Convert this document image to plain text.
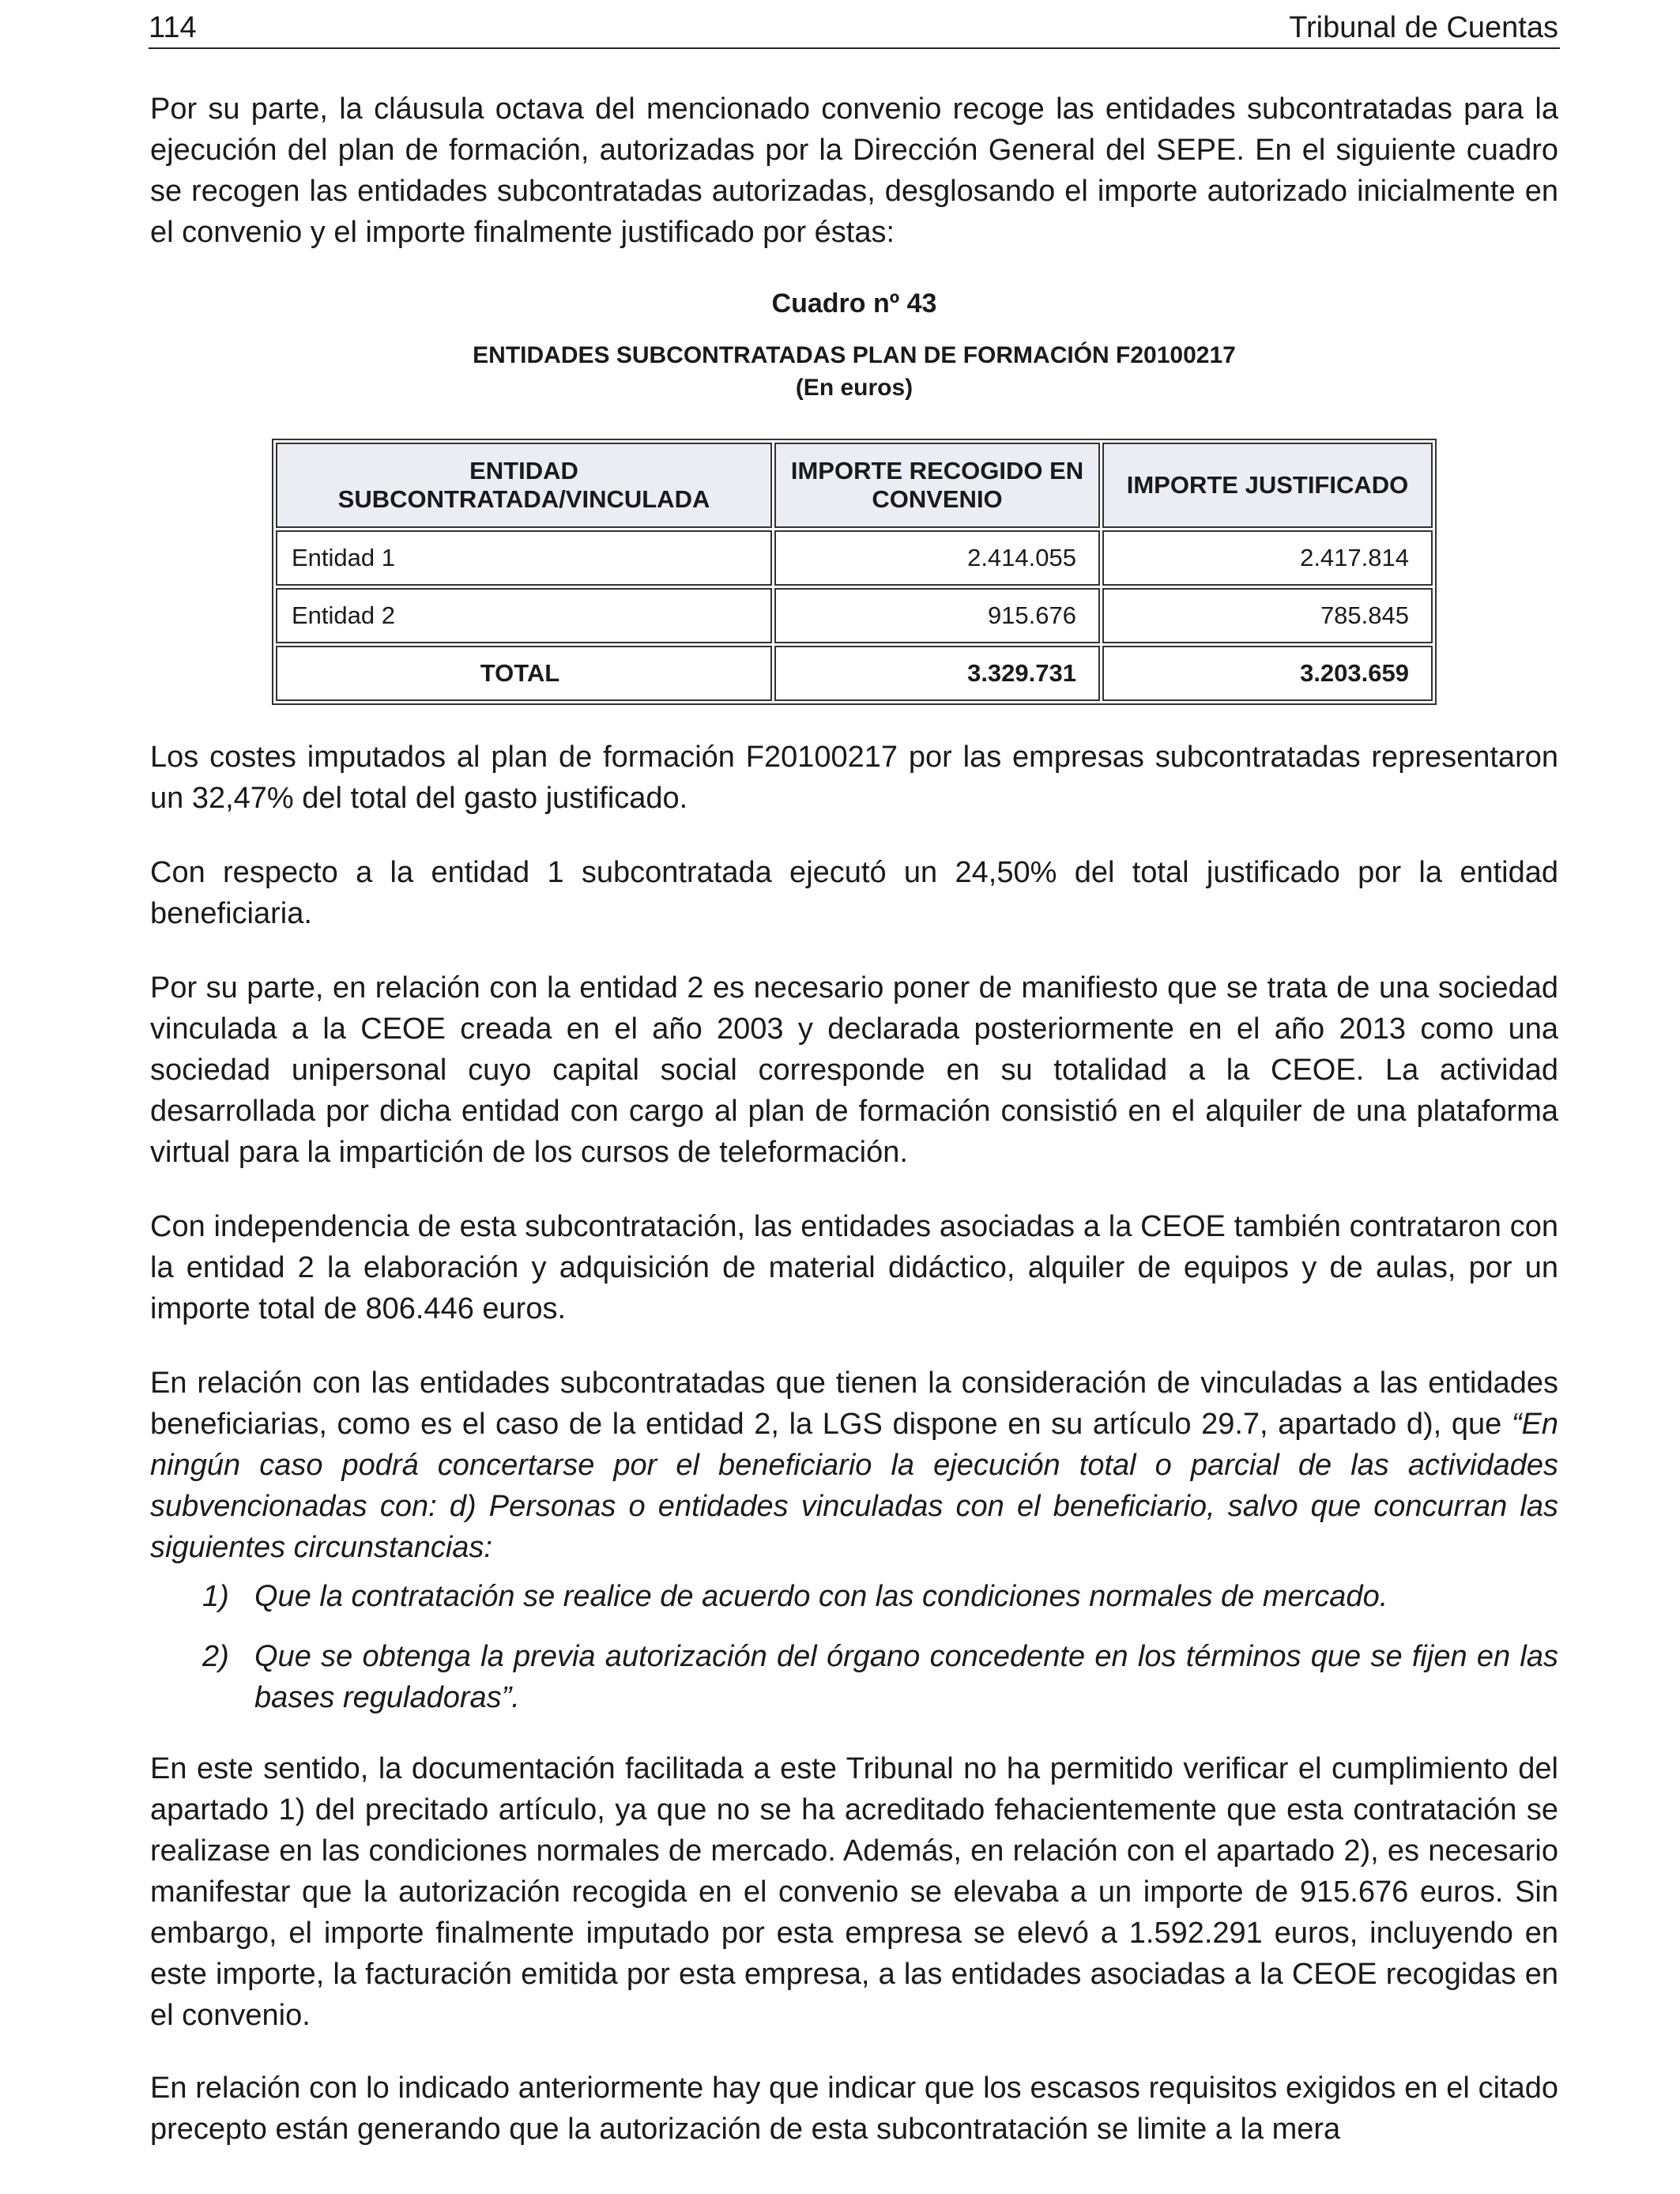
114	Tribunal de Cuentas

Por su parte, la cláusula octava del mencionado convenio recoge las entidades subcontratadas para la ejecución del plan de formación, autorizadas por la Dirección General del SEPE. En el siguiente cuadro se recogen las entidades subcontratadas autorizadas, desglosando el importe autorizado inicialmente en el convenio y el importe finalmente justificado por éstas:

Cuadro nº 43

ENTIDADES SUBCONTRATADAS PLAN DE FORMACIÓN F20100217

(En euros)

ENTIDAD SUBCONTRATADA/VINCULADA	IMPORTE RECOGIDO EN CONVENIO	IMPORTE JUSTIFICADO
Entidad 1	2.414.055	2.417.814
Entidad 2	915.676	785.845
TOTAL	3.329.731	3.203.659

Los costes imputados al plan de formación F20100217 por las empresas subcontratadas representaron un 32,47% del total del gasto justificado.

Con respecto a la entidad 1 subcontratada ejecutó un 24,50% del total justificado por la entidad beneficiaria.

Por su parte, en relación con la entidad 2 es necesario poner de manifiesto que se trata de una sociedad vinculada a la CEOE creada en el año 2003 y declarada posteriormente en el año 2013 como una sociedad unipersonal cuyo capital social corresponde en su totalidad a la CEOE. La actividad desarrollada por dicha entidad con cargo al plan de formación consistió en el alquiler de una plataforma virtual para la impartición de los cursos de teleformación.

Con independencia de esta subcontratación, las entidades asociadas a la CEOE también contrataron con la entidad 2 la elaboración y adquisición de material didáctico, alquiler de equipos y de aulas, por un importe total de 806.446 euros.

En relación con las entidades subcontratadas que tienen la consideración de vinculadas a las entidades beneficiarias, como es el caso de la entidad 2, la LGS dispone en su artículo 29.7, apartado d), que “En ningún caso podrá concertarse por el beneficiario la ejecución total o parcial de las actividades subvencionadas con: d) Personas o entidades vinculadas con el beneficiario, salvo que concurran las siguientes circunstancias:

1) Que la contratación se realice de acuerdo con las condiciones normales de mercado.
2) Que se obtenga la previa autorización del órgano concedente en los términos que se fijen en las bases reguladoras”.

En este sentido, la documentación facilitada a este Tribunal no ha permitido verificar el cumplimiento del apartado 1) del precitado artículo, ya que no se ha acreditado fehacientemente que esta contratación se realizase en las condiciones normales de mercado. Además, en relación con el apartado 2), es necesario manifestar que la autorización recogida en el convenio se elevaba a un importe de 915.676 euros. Sin embargo, el importe finalmente imputado por esta empresa se elevó a 1.592.291 euros, incluyendo en este importe, la facturación emitida por esta empresa, a las entidades asociadas a la CEOE recogidas en el convenio.

En relación con lo indicado anteriormente hay que indicar que los escasos requisitos exigidos en el citado precepto están generando que la autorización de esta subcontratación se limite a la mera
